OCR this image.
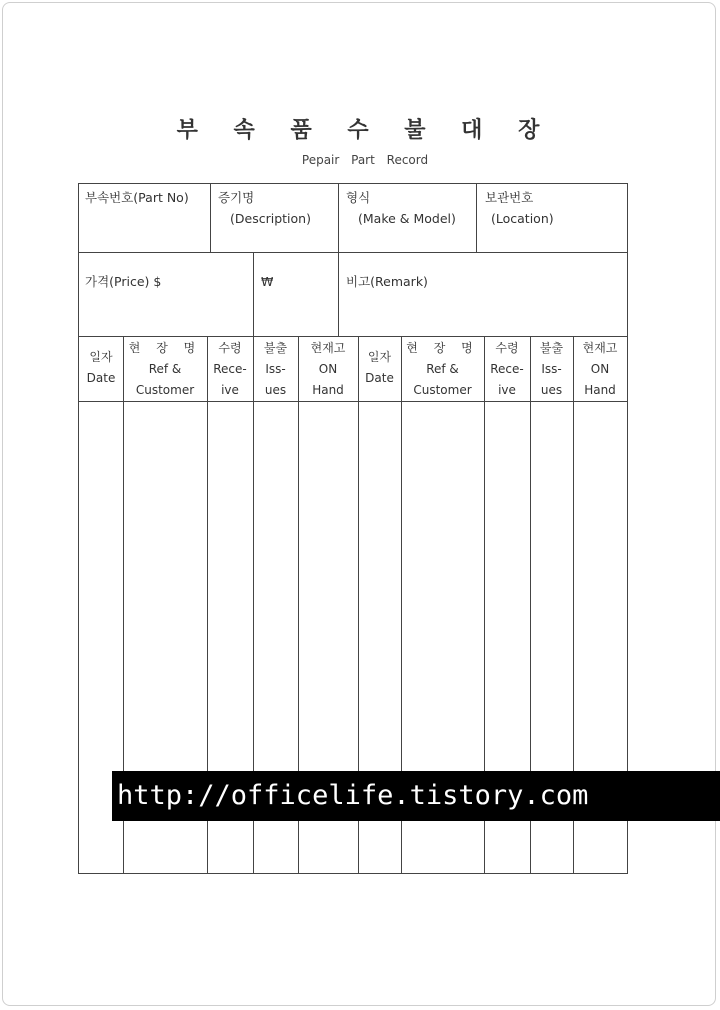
부 속 품 수 불 대 장
Pepair Part Record
부속번호(Part No) 증기명
(Description)
형식
(Make & Model)
보관번호
(Location)
가격(Price) $	₩	비고(Remark)
일자
Date
현 장 명
Ref &
Customer
수령
Rece-
ive
불출
Iss-
ues
현재고
ON
Hand
일자
Date
현 장 명
Ref &
Customer
수령
Rece-
ive
불출
Iss-
ues
현재고
ON
Hand
http://officelife.tistory.com
